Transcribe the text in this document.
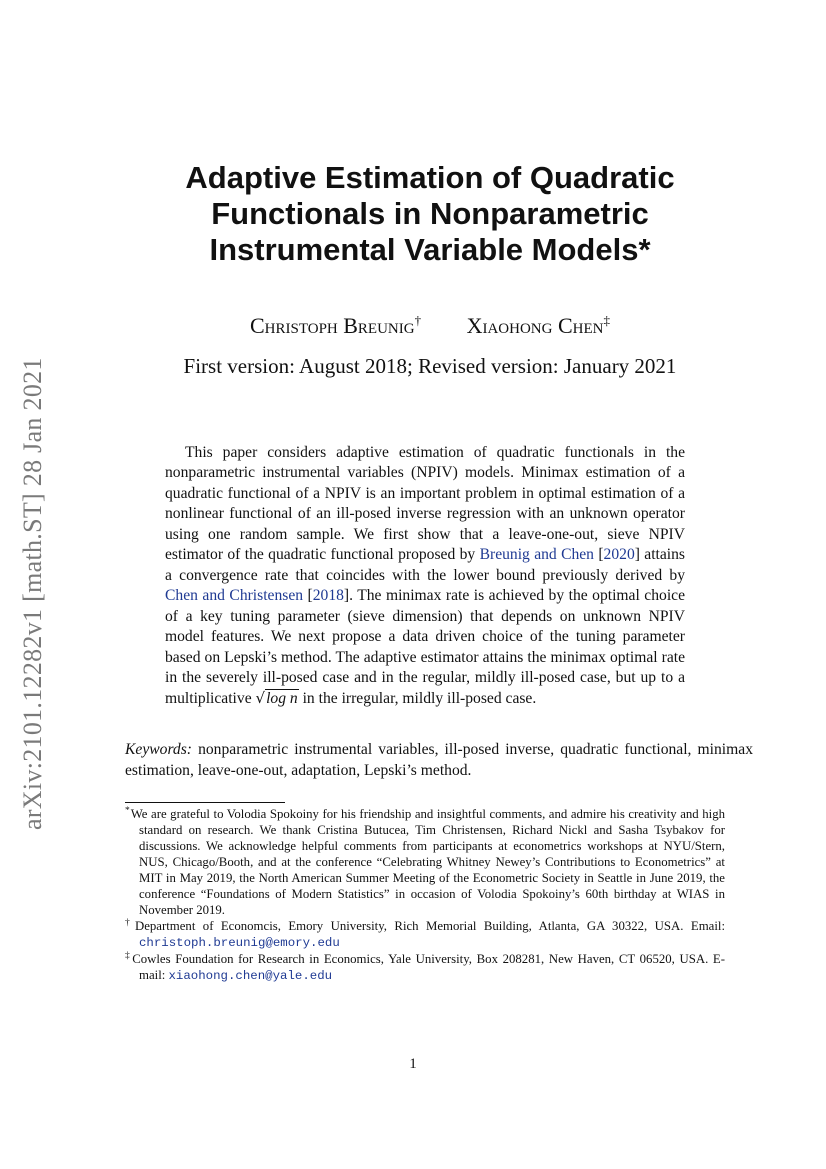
arXiv:2101.12282v1 [math.ST] 28 Jan 2021
Adaptive Estimation of Quadratic
Functionals in Nonparametric
Instrumental Variable Models*
Christoph Breunig† Xiaohong Chen‡
First version: August 2018; Revised version: January 2021

This paper considers adaptive estimation of quadratic functionals in the nonparametric instrumental variables (NPIV) models. Minimax estimation of a quadratic functional of a NPIV is an important problem in optimal estimation of a nonlinear functional of an ill-posed inverse regression with an unknown operator using one random sample. We first show that a leave-one-out, sieve NPIV estimator of the quadratic functional proposed by Breunig and Chen [2020] attains a convergence rate that coincides with the lower bound previously derived by Chen and Christensen [2018]. The minimax rate is achieved by the optimal choice of a key tuning parameter (sieve dimension) that depends on unknown NPIV model features. We next propose a data driven choice of the tuning parameter based on Lepski’s method. The adaptive estimator attains the minimax optimal rate in the severely ill-posed case and in the regular, mildly ill-posed case, but up to a multiplicative √log n in the irregular, mildly ill-posed case.

Keywords: nonparametric instrumental variables, ill-posed inverse, quadratic functional, minimax estimation, leave-one-out, adaptation, Lepski’s method.

*We are grateful to Volodia Spokoiny for his friendship and insightful comments, and admire his creativity and high standard on research. We thank Cristina Butucea, Tim Christensen, Richard Nickl and Sasha Tsybakov for discussions. We acknowledge helpful comments from participants at econometrics workshops at NYU/Stern, NUS, Chicago/Booth, and at the conference “Celebrating Whitney Newey’s Contributions to Econometrics” at MIT in May 2019, the North American Summer Meeting of the Econometric Society in Seattle in June 2019, the conference “Foundations of Modern Statistics” in occasion of Volodia Spokoiny’s 60th birthday at WIAS in November 2019.

†Department of Economcis, Emory University, Rich Memorial Building, Atlanta, GA 30322, USA. Email: christoph.breunig@emory.edu

‡Cowles Foundation for Research in Economics, Yale University, Box 208281, New Haven, CT 06520, USA. E-mail: xiaohong.chen@yale.edu

1
